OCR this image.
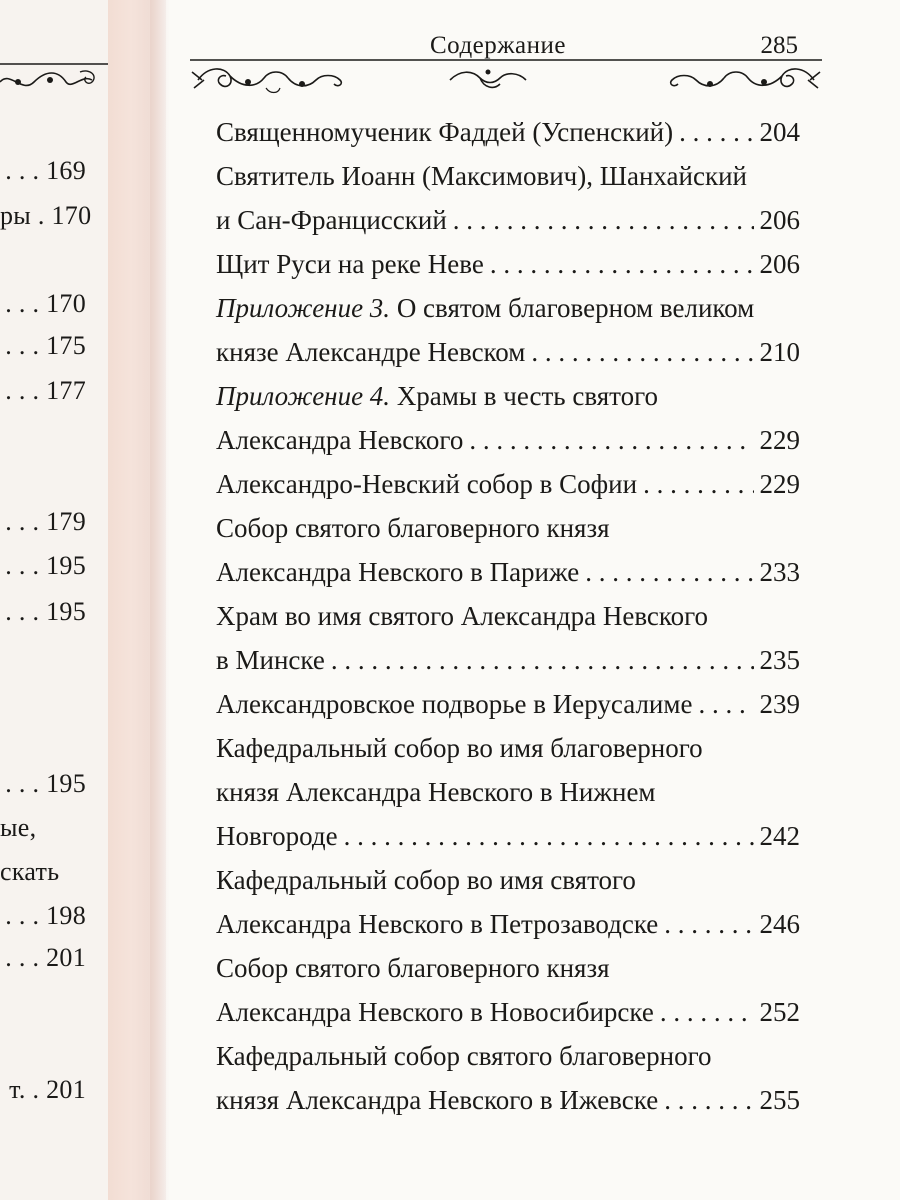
. . . 169
ры . 170
. . . 170
. . . 175
. . . 177
. . . 179
. . . 195
. . . 195
. . . 195
ые,
скать
. . . 198
. . . 201
т. . 201
Содержание	285
Священномученик Фаддей (Успенский) . . .	204
Святитель Иоанн (Максимович), Шанхайский
и Сан-Францисский . . .	206
Щит Руси на реке Неве . . .	206
Приложение 3. О святом благоверном великом
князе Александре Невском . . .	210
Приложение 4. Храмы в честь святого
Александра Невского . . .	229
Александро-Невский собор в Софии . . .	229
Собор святого благоверного князя
Александра Невского в Париже . . .	233
Храм во имя святого Александра Невского
в Минске . . .	235
Александровское подворье в Иерусалиме . . . 239
Кафедральный собор во имя благоверного
князя Александра Невского в Нижнем
Новгороде . . .	242
Кафедральный собор во имя святого
Александра Невского в Петрозаводске . . .	246
Собор святого благоверного князя
Александра Невского в Новосибирске . . .	252
Кафедральный собор святого благоверного
князя Александра Невского в Ижевске . . .	255
